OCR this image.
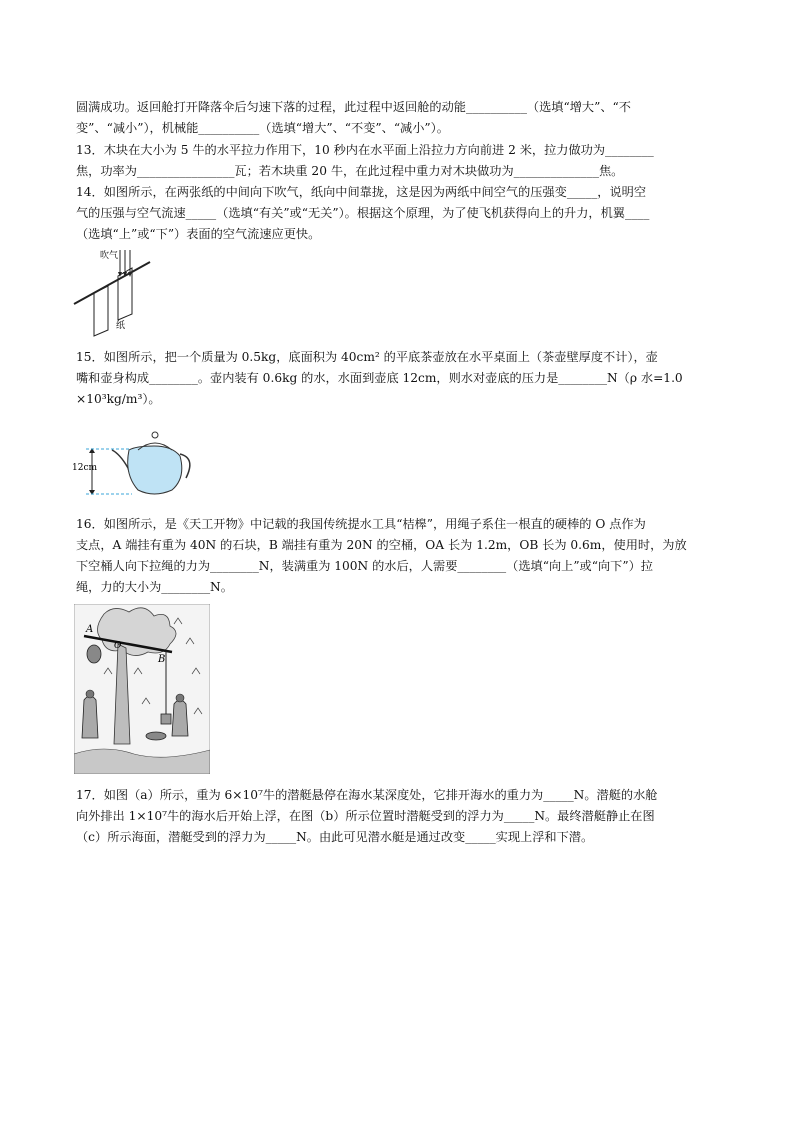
圆满成功。返回舱打开降落伞后匀速下落的过程，此过程中返回舱的动能__________（选填“增大”、“不
变”、“减小”），机械能__________（选填“增大”、“不变”、“减小”）。
13．木块在大小为 5 牛的水平拉力作用下，10 秒内在水平面上沿拉力方向前进 2 米，拉力做功为________
焦，功率为________________瓦；若木块重 20 牛，在此过程中重力对木块做功为______________焦。
14．如图所示，在两张纸的中间向下吹气，纸向中间靠拢，这是因为两纸中间空气的压强变_____，说明空
气的压强与空气流速_____（选填“有关”或“无关”）。根据这个原理，为了使飞机获得向上的升力，机翼____
（选填“上”或“下”）表面的空气流速应更快。
吹气
纸
15．如图所示，把一个质量为 0.5kg，底面积为 40cm² 的平底茶壶放在水平桌面上（茶壶壁厚度不计），壶
嘴和壶身构成________。壶内装有 0.6kg 的水，水面到壶底 12cm，则水对壶底的压力是________N（ρ 水=1.0
×10³kg/m³）。
12cm
16．如图所示，是《天工开物》中记载的我国传统提水工具“桔槔”，用绳子系住一根直的硬棒的 O 点作为
支点，A 端挂有重为 40N 的石块，B 端挂有重为 20N 的空桶，OA 长为 1.2m，OB 长为 0.6m，使用时，为放
下空桶人向下拉绳的力为________N，装满重为 100N 的水后，人需要________（选填“向上”或“向下”）拉
绳，力的大小为________N。
A
B
O
17．如图（a）所示，重为 6×10⁷牛的潜艇悬停在海水某深度处，它排开海水的重力为_____N。潜艇的水舱
向外排出 1×10⁷牛的海水后开始上浮，在图（b）所示位置时潜艇受到的浮力为_____N。最终潜艇静止在图
（c）所示海面，潜艇受到的浮力为_____N。由此可见潜水艇是通过改变_____实现上浮和下潜。
